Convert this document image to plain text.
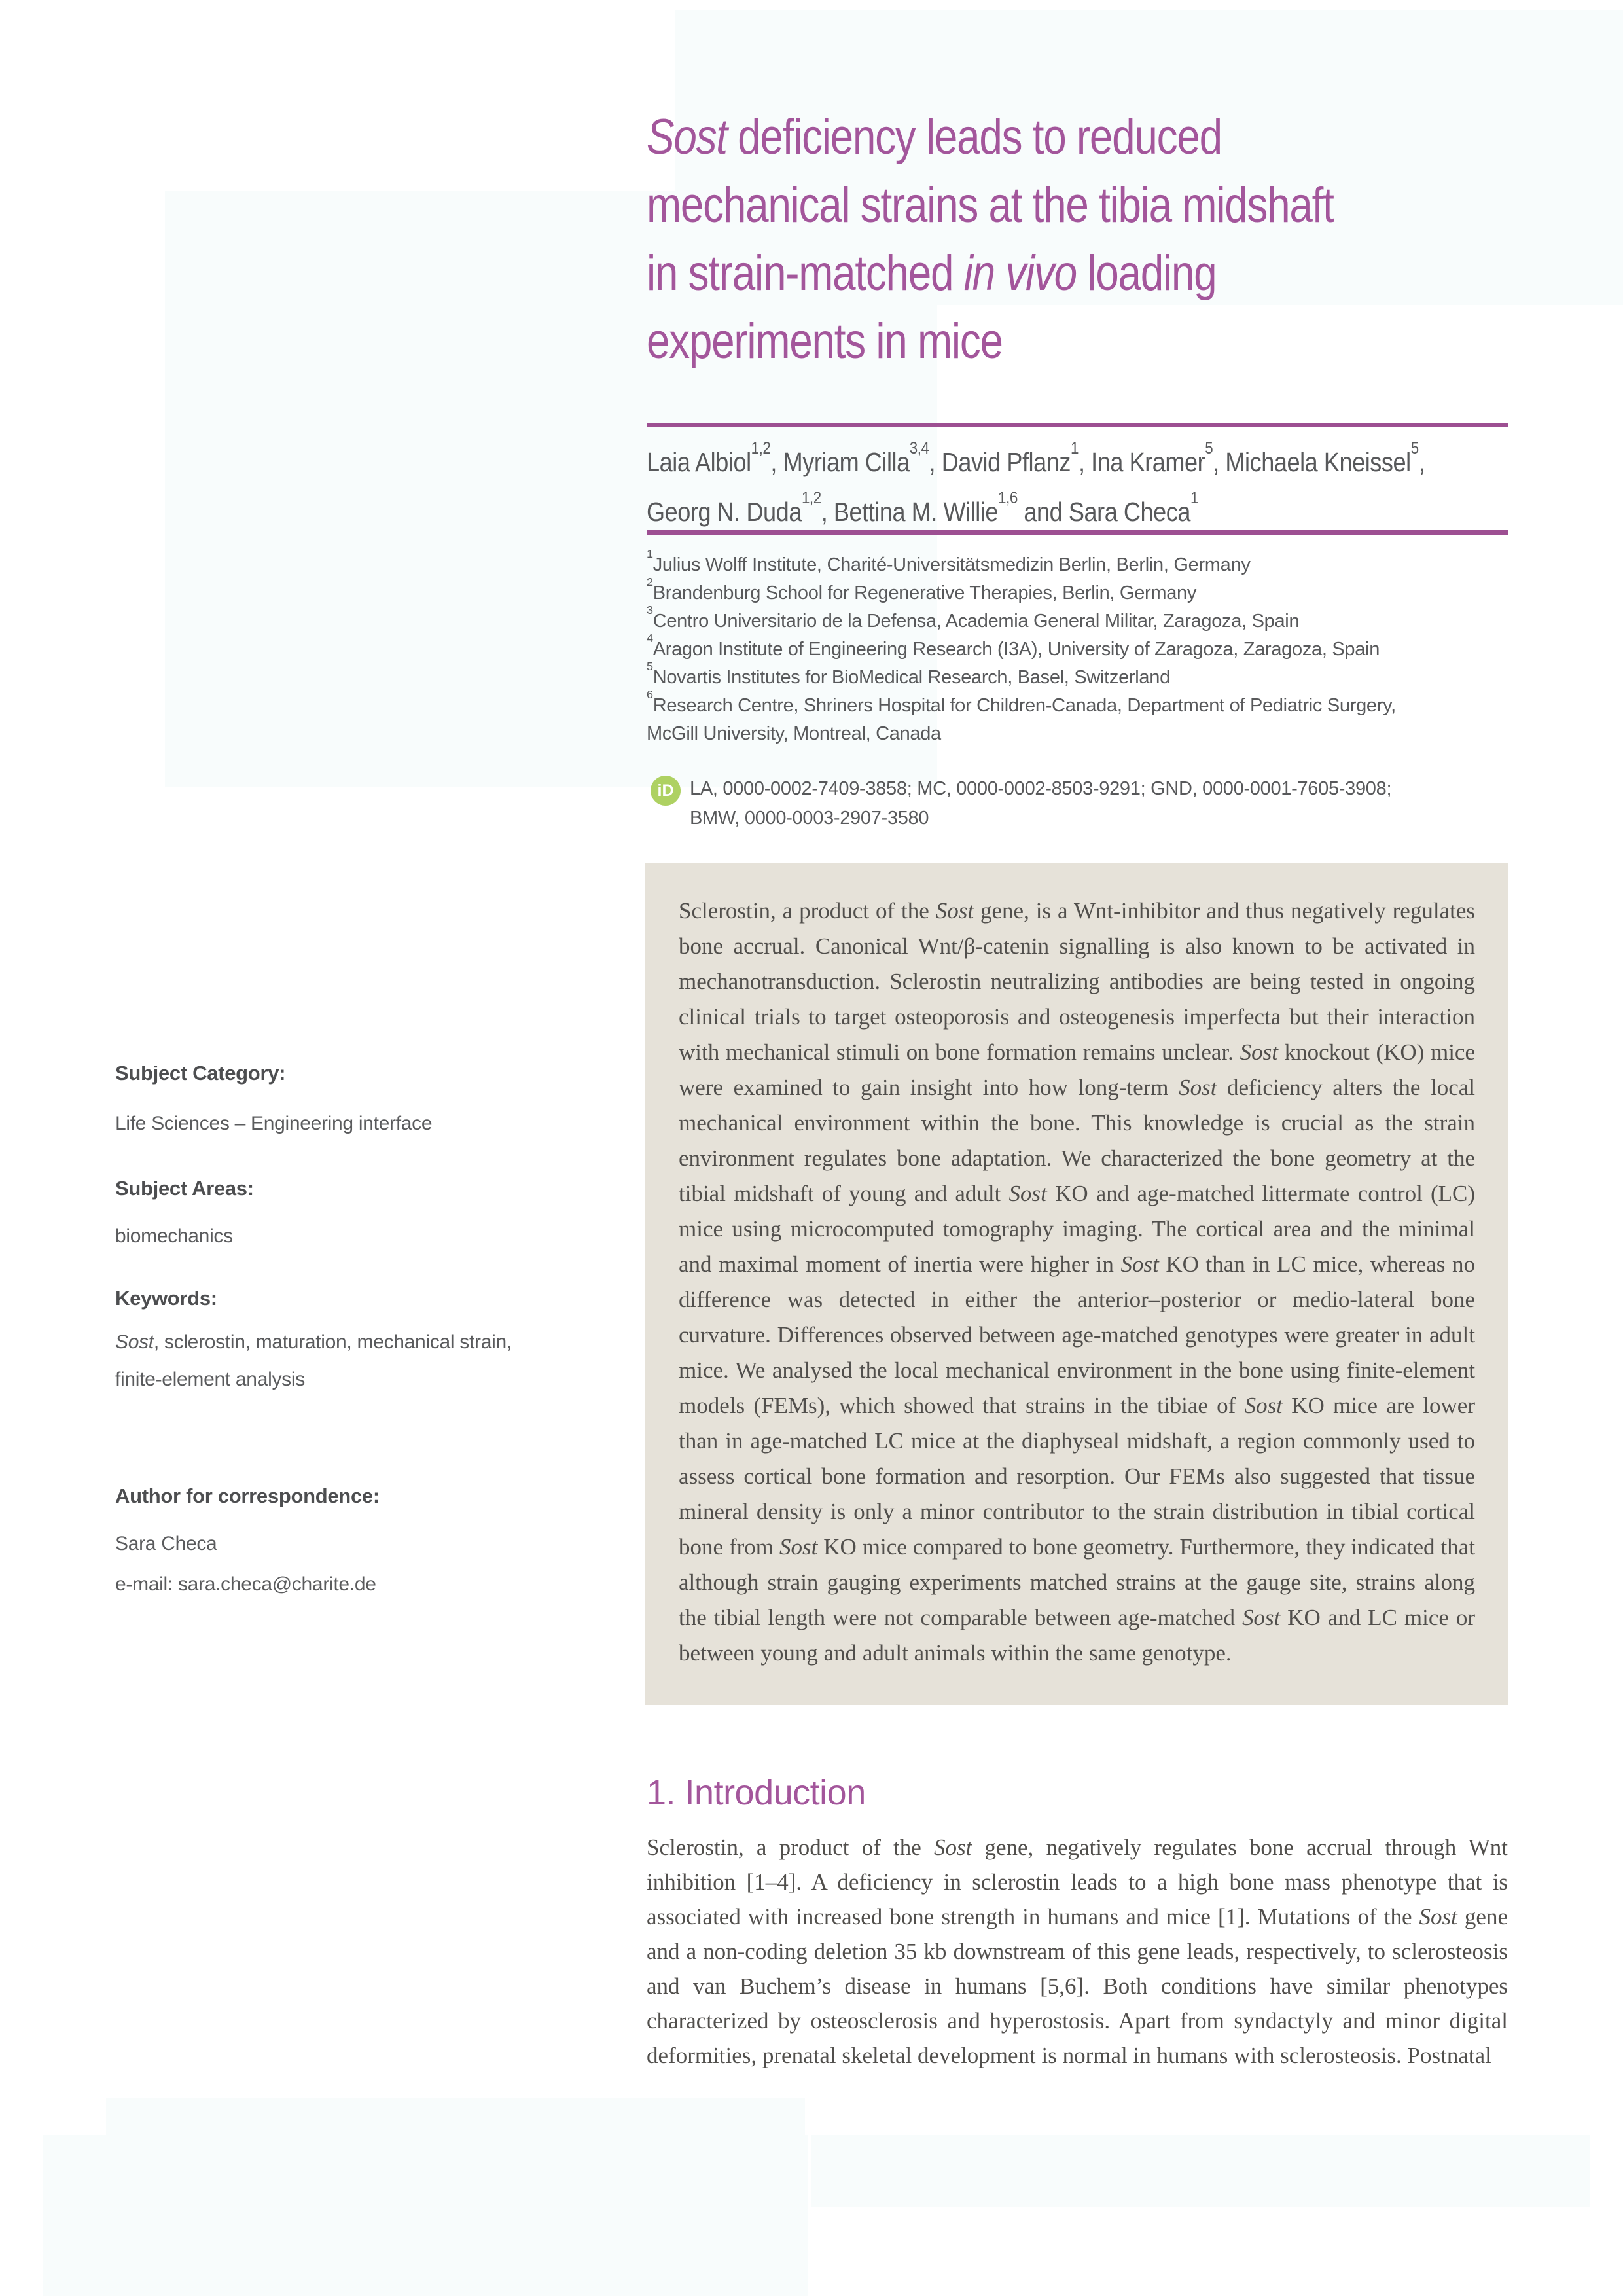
Sost deficiency leads to reduced
mechanical strains at the tibia midshaft
in strain-matched in vivo loading
experiments in mice
Laia Albiol$^{1,2}$, Myriam Cilla$^{3,4}$, David Pflanz$^1$, Ina Kramer$^5$, Michaela Kneissel$^5$,
Georg N. Duda$^{1,2}$, Bettina M. Willie$^{1,6}$ and Sara Checa$^1$
$^1$Julius Wolff Institute, Charité-Universitätsmedizin Berlin, Berlin, Germany
$^2$Brandenburg School for Regenerative Therapies, Berlin, Germany
$^3$Centro Universitario de la Defensa, Academia General Militar, Zaragoza, Spain
$^4$Aragon Institute of Engineering Research (I3A), University of Zaragoza, Zaragoza, Spain
$^5$Novartis Institutes for BioMedical Research, Basel, Switzerland
$^6$Research Centre, Shriners Hospital for Children-Canada, Department of Pediatric Surgery,
McGill University, Montreal, Canada
iD LA, 0000-0002-7409-3858; MC, 0000-0002-8503-9291; GND, 0000-0001-7605-3908;
BMW, 0000-0003-2907-3580

Sclerostin, a product of the Sost gene, is a Wnt-inhibitor and thus negatively regulates bone accrual. Canonical Wnt/β-catenin signalling is also known to be activated in mechanotransduction. Sclerostin neutralizing antibodies are being tested in ongoing clinical trials to target osteoporosis and osteogenesis imperfecta but their interaction with mechanical stimuli on bone formation remains unclear. Sost knockout (KO) mice were examined to gain insight into how long-term Sost deficiency alters the local mechanical environment within the bone. This knowledge is crucial as the strain environment regulates bone adaptation. We characterized the bone geometry at the tibial midshaft of young and adult Sost KO and age-matched littermate control (LC) mice using microcomputed tomography imaging. The cortical area and the minimal and maximal moment of inertia were higher in Sost KO than in LC mice, whereas no difference was detected in either the anterior–posterior or medio-lateral bone curvature. Differences observed between age-matched genotypes were greater in adult mice. We analysed the local mechanical environment in the bone using finite-element models (FEMs), which showed that strains in the tibiae of Sost KO mice are lower than in age-matched LC mice at the diaphyseal midshaft, a region commonly used to assess cortical bone formation and resorption. Our FEMs also suggested that tissue mineral density is only a minor contributor to the strain distribution in tibial cortical bone from Sost KO mice compared to bone geometry. Furthermore, they indicated that although strain gauging experiments matched strains at the gauge site, strains along the tibial length were not comparable between age-matched Sost KO and LC mice or between young and adult animals within the same genotype.

Subject Category:
Life Sciences – Engineering interface
Subject Areas:
biomechanics
Keywords:
Sost, sclerostin, maturation, mechanical strain, finite-element analysis
Author for correspondence:
Sara Checa
e-mail: sara.checa@charite.de
1. Introduction

Sclerostin, a product of the Sost gene, negatively regulates bone accrual through Wnt inhibition [1–4]. A deficiency in sclerostin leads to a high bone mass phenotype that is associated with increased bone strength in humans and mice [1]. Mutations of the Sost gene and a non-coding deletion 35 kb downstream of this gene leads, respectively, to sclerosteosis and van Buchem’s disease in humans [5,6]. Both conditions have similar phenotypes characterized by osteosclerosis and hyperostosis. Apart from syndactyly and minor digital deformities, prenatal skeletal development is normal in humans with sclerosteosis. Postnatal
